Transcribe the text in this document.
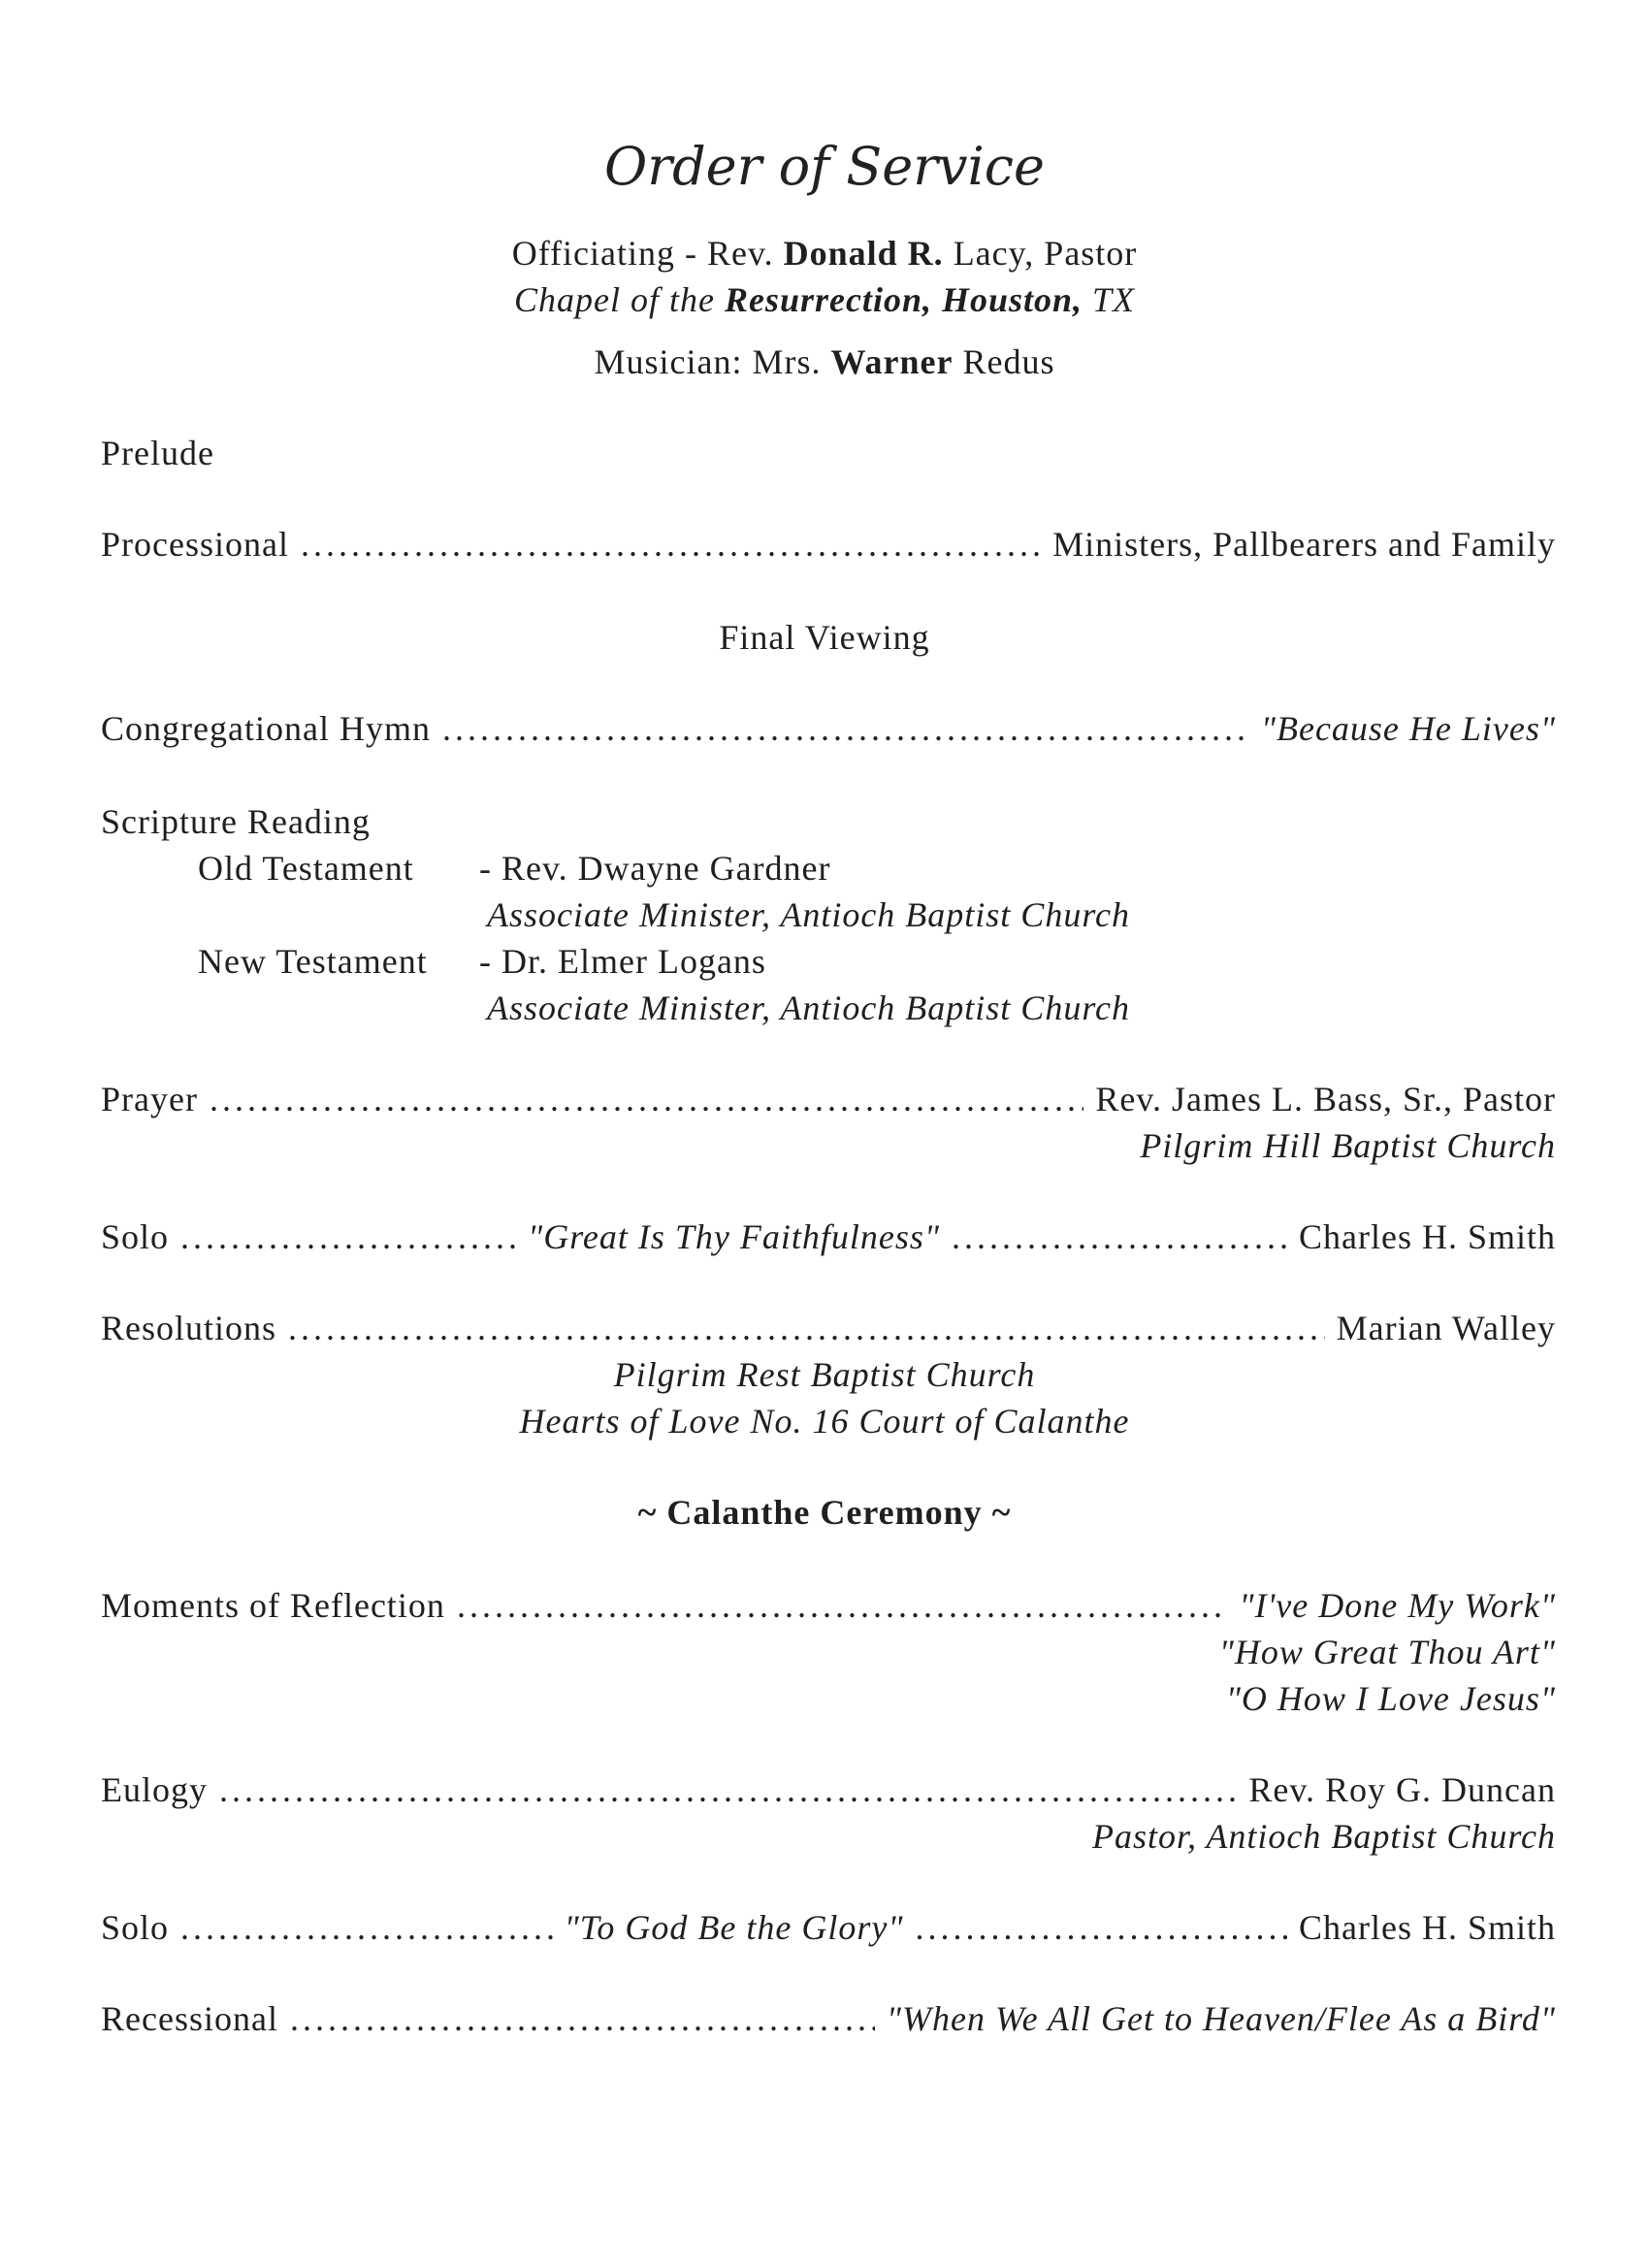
Order of Service
Officiating - Rev. Donald R. Lacy, Pastor
Chapel of the Resurrection, Houston, TX
Musician: Mrs. Warner Redus
Prelude
Processional .....	Ministers, Pallbearers and Family
Final Viewing
Congregational Hymn .....	"Because He Lives"
Scripture Reading
Old Testament - Rev. Dwayne Gardner
Associate Minister, Antioch Baptist Church
New Testament - Dr. Elmer Logans
Associate Minister, Antioch Baptist Church
Prayer .....	Rev. James L. Bass, Sr., Pastor
Pilgrim Hill Baptist Church
Solo .....	"Great Is Thy Faithfulness" .....	Charles H. Smith
Resolutions .....	Marian Walley
Pilgrim Rest Baptist Church
Hearts of Love No. 16 Court of Calanthe
~ Calanthe Ceremony ~
Moments of Reflection .....	"I've Done My Work"
"How Great Thou Art"
"O How I Love Jesus"
Eulogy .....	Rev. Roy G. Duncan
Pastor, Antioch Baptist Church
Solo .....	"To God Be the Glory" .....	Charles H. Smith
Recessional .....	"When We All Get to Heaven/Flee As a Bird"
